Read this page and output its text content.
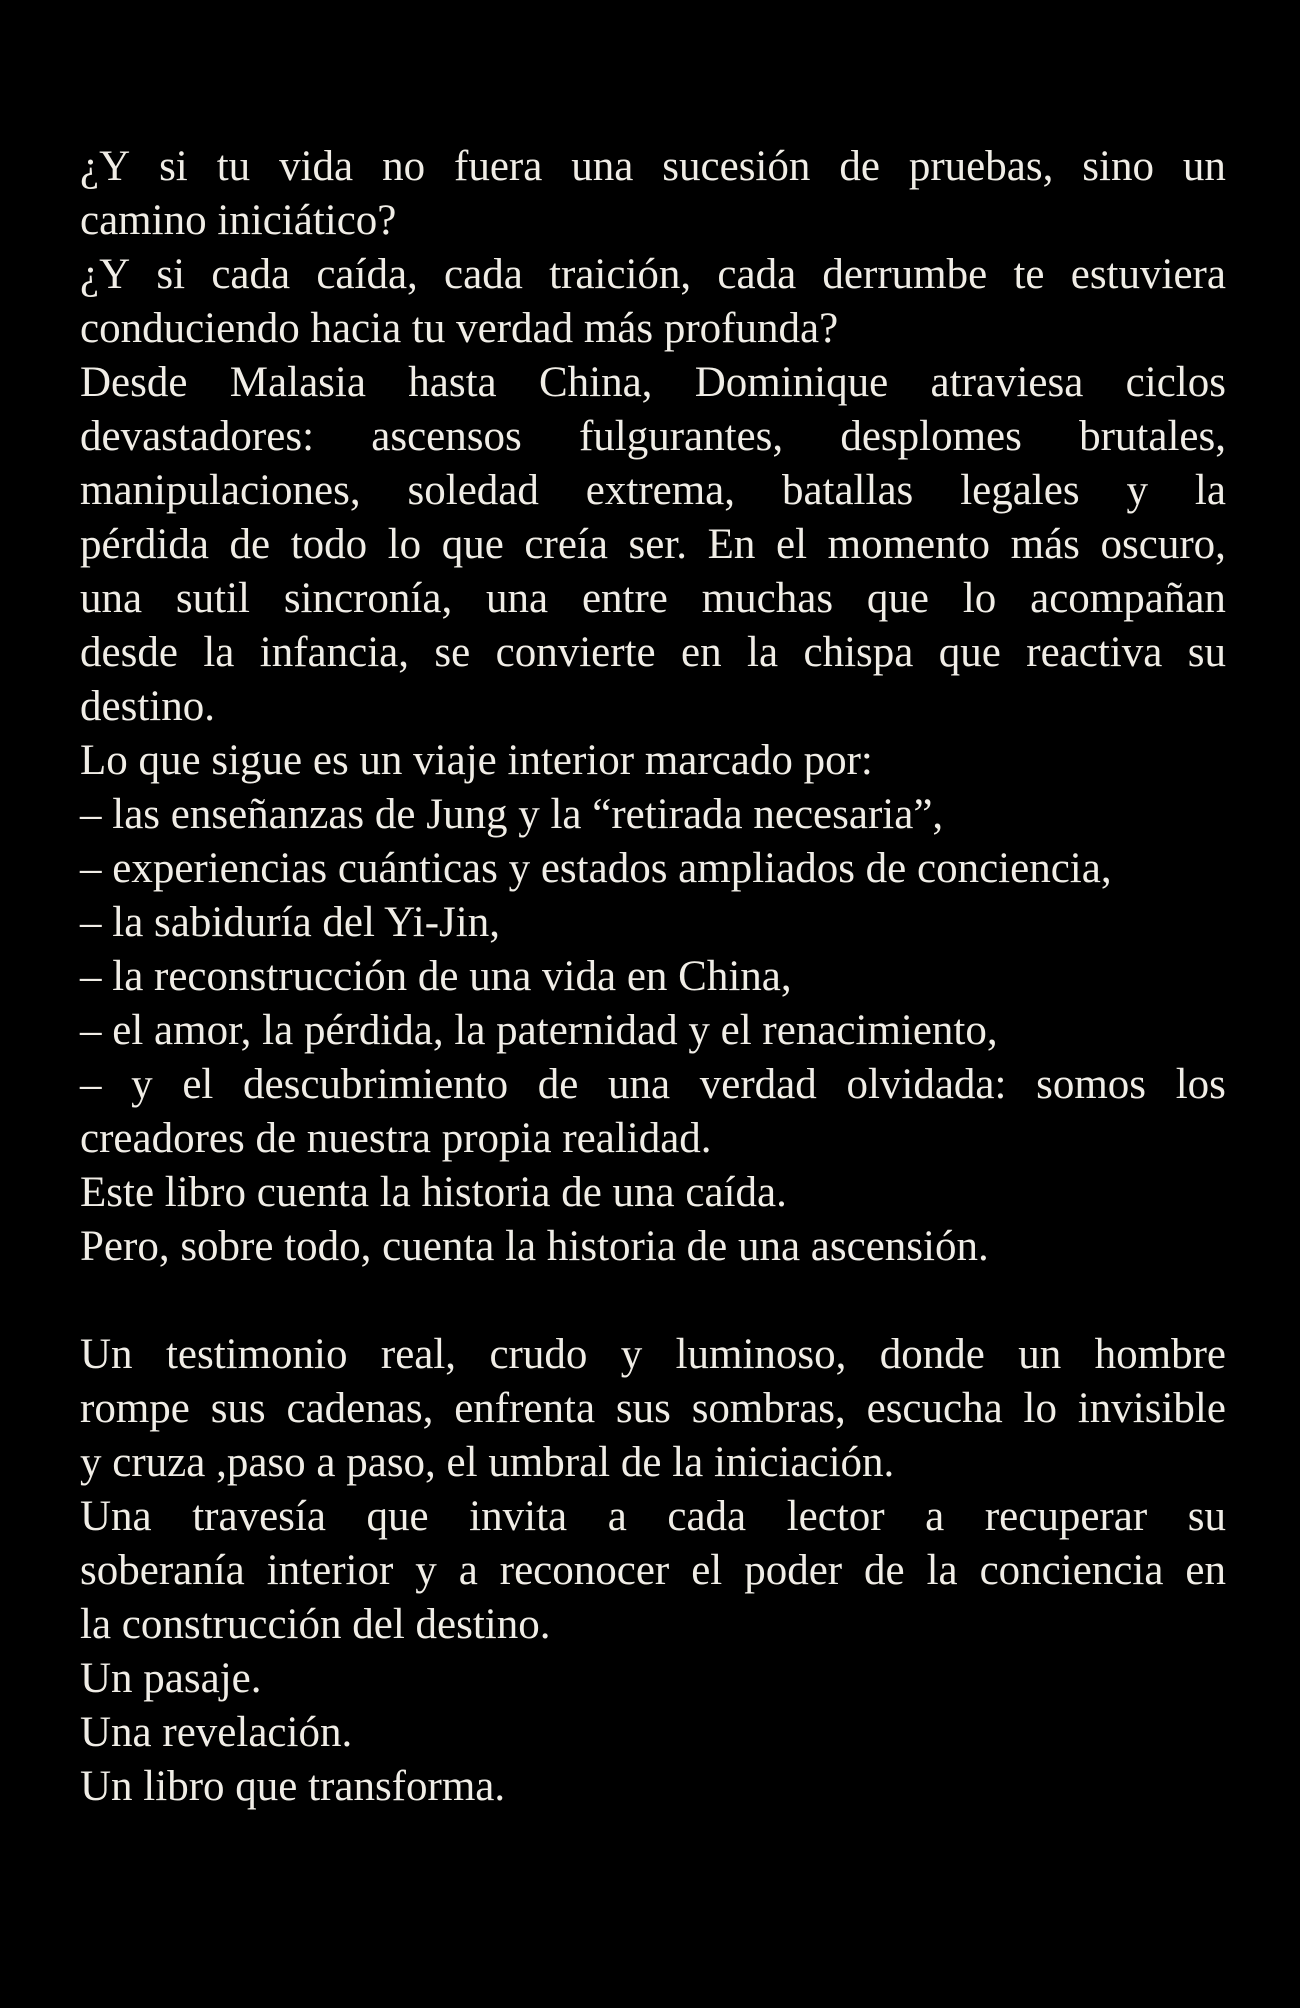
¿Y si tu vida no fuera una sucesión de pruebas, sino un
camino iniciático?
¿Y si cada caída, cada traición, cada derrumbe te estuviera
conduciendo hacia tu verdad más profunda?
Desde Malasia hasta China, Dominique atraviesa ciclos
devastadores: ascensos fulgurantes, desplomes brutales,
manipulaciones, soledad extrema, batallas legales y la
pérdida de todo lo que creía ser. En el momento más oscuro,
una sutil sincronía, una entre muchas que lo acompañan
desde la infancia, se convierte en la chispa que reactiva su
destino.
Lo que sigue es un viaje interior marcado por:
– las enseñanzas de Jung y la “retirada necesaria”,
– experiencias cuánticas y estados ampliados de conciencia,
– la sabiduría del Yi-Jin,
– la reconstrucción de una vida en China,
– el amor, la pérdida, la paternidad y el renacimiento,
– y el descubrimiento de una verdad olvidada: somos los
creadores de nuestra propia realidad.
Este libro cuenta la historia de una caída.
Pero, sobre todo, cuenta la historia de una ascensión.
Un testimonio real, crudo y luminoso, donde un hombre
rompe sus cadenas, enfrenta sus sombras, escucha lo invisible
y cruza ,paso a paso, el umbral de la iniciación.
Una travesía que invita a cada lector a recuperar su
soberanía interior y a reconocer el poder de la conciencia en
la construcción del destino.
Un pasaje.
Una revelación.
Un libro que transforma.
